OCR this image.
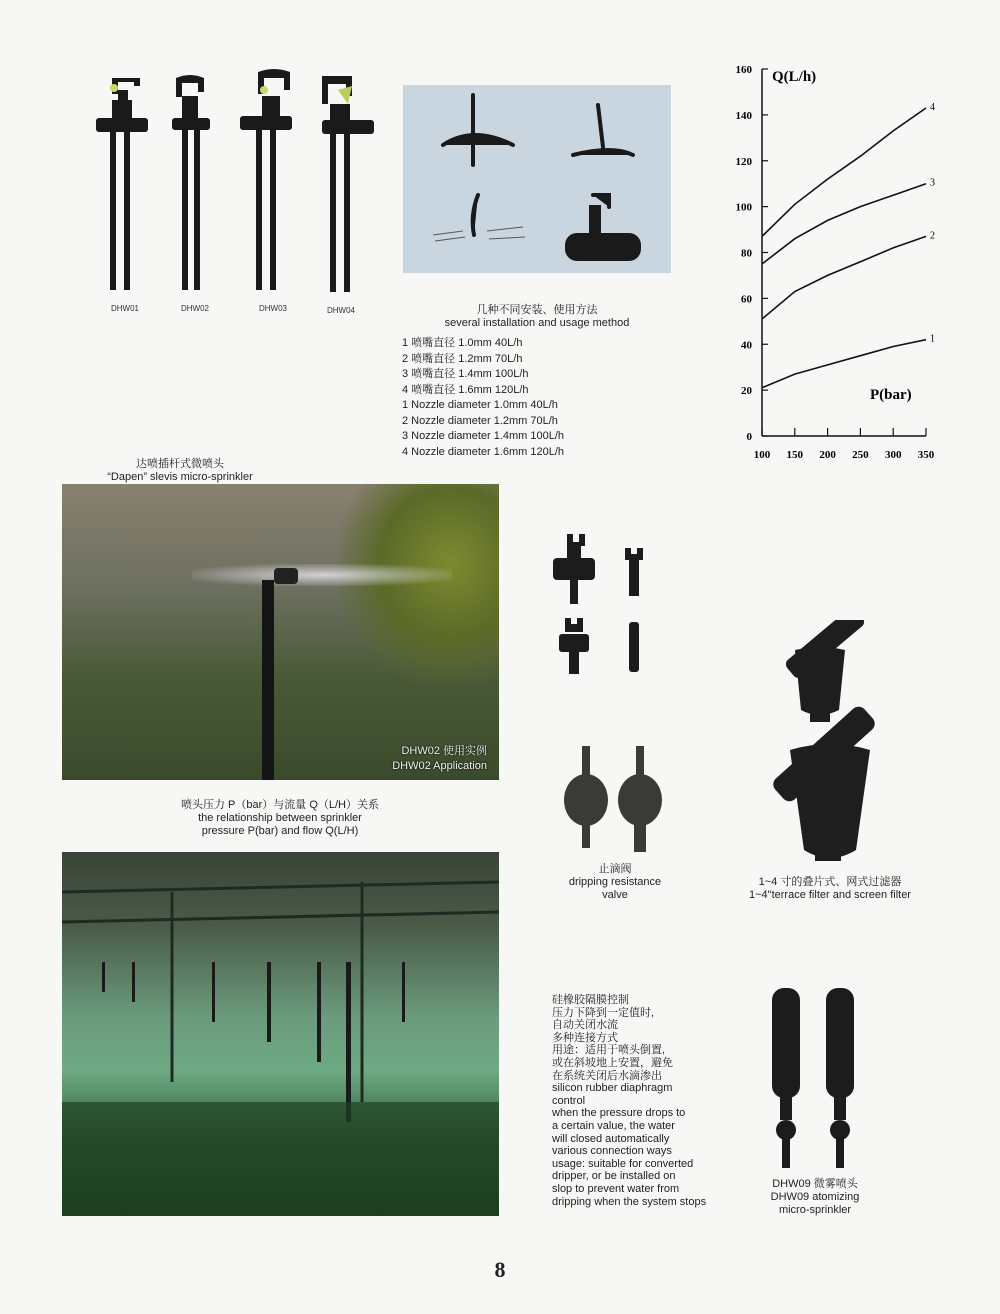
DHW01	DHW02	DHW03	DHW04	几种不同安装、使用方法
several installation and usage method
1 喷嘴直径 1.0mm 40L/h
2 喷嘴直径 1.2mm 70L/h
3 喷嘴直径 1.4mm 100L/h
4 喷嘴直径 1.6mm 120L/h
1 Nozzle diameter 1.0mm 40L/h
2 Nozzle diameter 1.2mm 70L/h
3 Nozzle diameter 1.4mm 100L/h
4 Nozzle diameter 1.6mm 120L/h
0
20
40
60
80
100
120
140
160
100 150 200 250 300 350
1
2
3
4
Q(L/h)
P(bar)
达喷插杆式微喷头
“Dapen” slevis micro-sprinkler
DHW02 使用实例
DHW02 Application
喷头压力 P（bar）与流量 Q（L/H）关系
the relationship between sprinkler
pressure P(bar) and flow Q(L/H)
止滴阀
dripping resistance
valve
1~4 寸的叠片式、网式过滤器
1~4"terrace filter and screen filter
硅橡胶隔膜控制
压力下降到一定值时,
自动关闭水流
多种连接方式
用途：适用于喷头倒置,
或在斜坡地上安置，避免
在系统关闭后水滴渗出
silicon rubber diaphragm
control
when the pressure drops to
a certain value, the water
will closed automatically
various connection ways
usage: suitable for converted
dripper, or be installed on
slop to prevent water from
dripping when the system stops
DHW09 微雾喷头
DHW09 atomizing
micro-sprinkler
8
